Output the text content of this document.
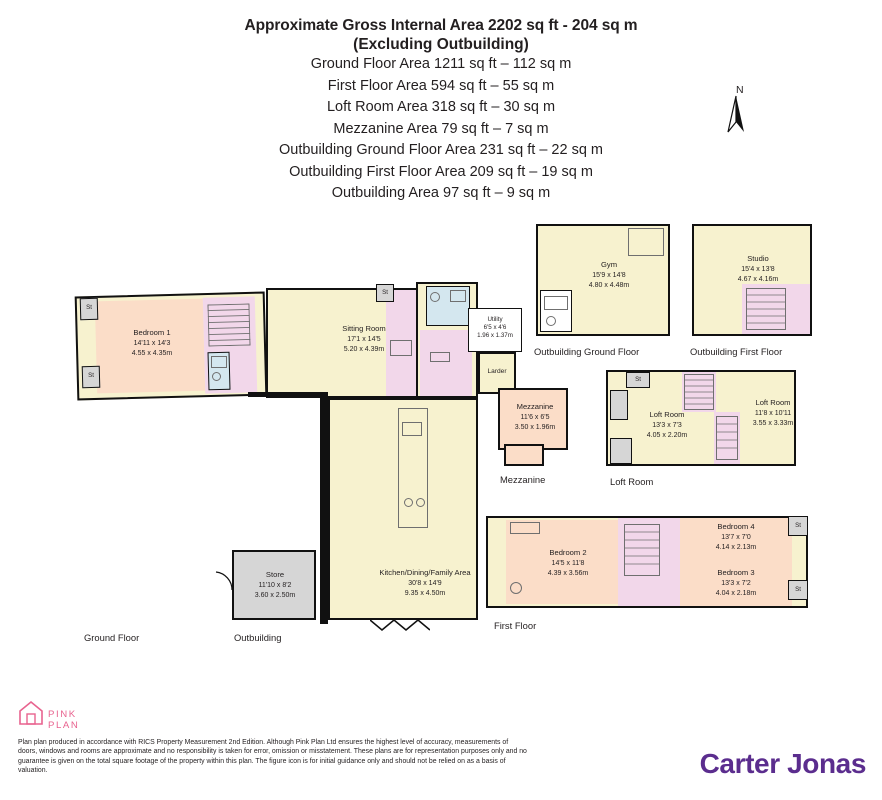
Approximate Gross Internal Area 2202 sq ft - 204 sq m
(Excluding Outbuilding)
Ground Floor Area 1211 sq ft – 112 sq m
First Floor Area 594 sq ft – 55 sq m
Loft Room Area 318 sq ft – 30 sq m
Mezzanine Area 79 sq ft – 7 sq m
Outbuilding Ground Floor Area 231 sq ft – 22 sq m
Outbuilding First Floor Area 209 sq ft – 19 sq m
Outbuilding Area 97 sq ft – 9 sq m
N
St
St
Bedroom 1
14'11 x 14'3
4.55 x 4.35m
Sitting Room
17'1 x 14'5
5.20 x 4.39m
St
Larder
Utility
6'5 x 4'6
1.96 x 1.37m
Kitchen/Dining/Family Area
30'8 x 14'9
9.35 x 4.50m
Ground Floor
Store
11'10 x 8'2
3.60 x 2.50m
Outbuilding
Gym
15'9 x 14'8
4.80 x 4.48m
Outbuilding Ground Floor
Studio
15'4 x 13'8
4.67 x 4.16m
Outbuilding First Floor
Mezzanine
11'6 x 6'5
3.50 x 1.96m
Mezzanine
St
Loft Room
13'3 x 7'3
4.05 x 2.20m
Loft Room
11'8 x 10'11
3.55 x 3.33m
Loft Room
Bedroom 2
14'5 x 11'8
4.39 x 3.56m
Bedroom 4
13'7 x 7'0
4.14 x 2.13m
St
Bedroom 3
13'3 x 7'2
4.04 x 2.18m
St
First Floor
PINK PLAN
Plan plan produced in accordance with RICS Property Measurement 2nd Edition. Although Pink Plan Ltd ensures the highest level of accuracy, measurements of doors, windows and rooms are approximate and no responsibility is taken for error, omission or misstatement. These plans are for representation purposes only and no guarantee is given on the total square footage of the property within this plan. The figure icon is for initial guidance only and should not be relied on as a basis of valuation.	Carter Jonas
